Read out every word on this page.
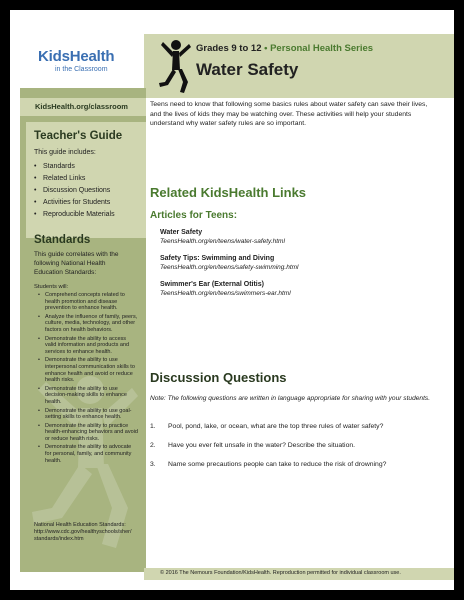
KidsHealth
in the Classroom
Grades 9 to 12 • Personal Health Series
Water Safety
KidsHealth.org/classroom
Teacher's Guide
This guide includes:
• Standards
• Related Links
• Discussion Questions
• Activities for Students
• Reproducible Materials
Standards
This guide correlates with the following National Health Education Standards:
Students will:
• Comprehend concepts related to health promotion and disease prevention to enhance health.
• Analyze the influence of family, peers, culture, media, technology, and other factors on health behaviors.
• Demonstrate the ability to access valid information and products and services to enhance health.
• Demonstrate the ability to use interpersonal communication skills to enhance health and avoid or reduce health risks.
• Demonstrate the ability to use decision-making skills to enhance health.
• Demonstrate the ability to use goal-setting skills to enhance health.
• Demonstrate the ability to practice health-enhancing behaviors and avoid or reduce health risks.
• Demonstrate the ability to advocate for personal, family, and community health.
National Health Education Standards:
http://www.cdc.gov/healthyschools/sher/standards/index.htm
Teens need to know that following some basics rules about water safety can save their lives, and the lives of kids they may be watching over. These activities will help your students understand why water safety rules are so important.
Related KidsHealth Links
Articles for Teens:
Water Safety
TeensHealth.org/en/teens/water-safety.html
Safety Tips: Swimming and Diving
TeensHealth.org/en/teens/safety-swimming.html
Swimmer's Ear (External Otitis)
TeensHealth.org/en/teens/swimmers-ear.html
Discussion Questions
Note: The following questions are written in language appropriate for sharing with your students.
1. Pool, pond, lake, or ocean, what are the top three rules of water safety?
2. Have you ever felt unsafe in the water? Describe the situation.
3. Name some precautions people can take to reduce the risk of drowning?
© 2016 The Nemours Foundation/KidsHealth. Reproduction permitted for individual classroom use.
